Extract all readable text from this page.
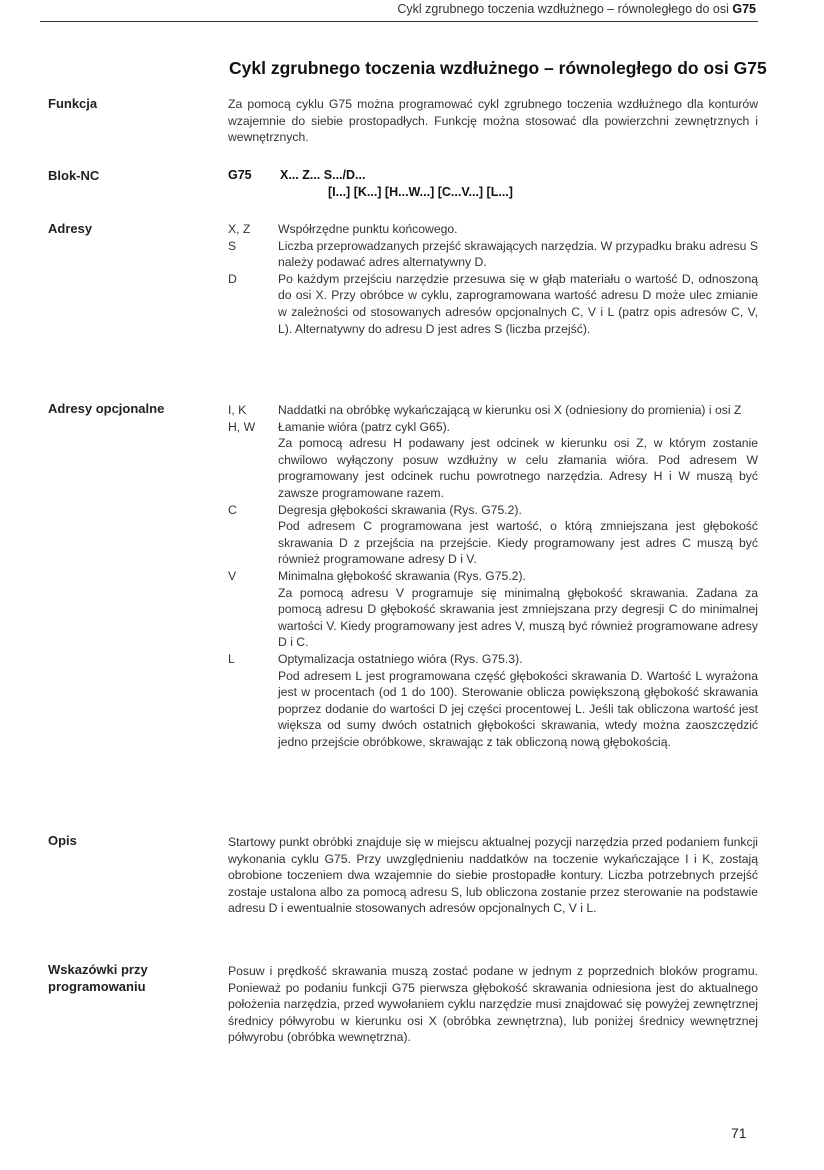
Cykl zgrubnego toczenia wzdłużnego – równoległego do osi G75
Cykl zgrubnego toczenia wzdłużnego – równoległego do osi G75
Funkcja	Za pomocą cyklu G75 można programować cykl zgrubnego toczenia wzdłużnego dla konturów wzajemnie do siebie prostopadłych. Funkcję można stosować dla powierzchni zewnętrznych i wewnętrznych.
Blok-NC	G75 X... Z... S.../D...
[I...] [K...] [H...W...] [C...V...] [L...]
Adresy	X, Z	Współrzędne punktu końcowego.

S	Liczba przeprowadzanych przejść skrawających narzędzia. W przypadku braku adresu S należy podawać adres alternatywny D.

D	Po każdym przejściu narzędzie przesuwa się w głąb materiału o wartość D, odnoszoną do osi X. Przy obróbce w cyklu, zaprogramowana wartość adresu D może ulec zmianie w zależności od stosowanych adresów opcjonalnych C, V i L (patrz opis adresów C, V, L). Alternatywny do adresu D jest adres S (liczba przejść).

Adresy opcjonalne	I, K	Naddatki na obróbkę wykańczającą w kierunku osi X (odniesiony do promienia) i osi Z

H, W	Łamanie wióra (patrz cykl G65).

Za pomocą adresu H podawany jest odcinek w kierunku osi Z, w którym zostanie chwilowo wyłączony posuw wzdłużny w celu złamania wióra. Pod adresem W programowany jest odcinek ruchu powrotnego narzędzia. Adresy H i W muszą być zawsze programowane razem.

C	Degresja głębokości skrawania (Rys. G75.2).

Pod adresem C programowana jest wartość, o którą zmniejszana jest głębokość skrawania D z przejścia na przejście. Kiedy programowany jest adres C muszą być również programowane adresy D i V.

V	Minimalna głębokość skrawania (Rys. G75.2).

Za pomocą adresu V programuje się minimalną głębokość skrawania. Zadana za pomocą adresu D głębokość skrawania jest zmniejszana przy degresji C do minimalnej wartości V. Kiedy programowany jest adres V, muszą być również programowane adresy D i C.

L	Optymalizacja ostatniego wióra (Rys. G75.3).

Pod adresem L jest programowana część głębokości skrawania D. Wartość L wyrażona jest w procentach (od 1 do 100). Sterowanie oblicza powiększoną głębokość skrawania poprzez dodanie do wartości D jej części procentowej L. Jeśli tak obliczona wartość jest większa od sumy dwóch ostatnich głębokości skrawania, wtedy można zaoszczędzić jedno przejście obróbkowe, skrawając z tak obliczoną nową głębokością.

Opis	Startowy punkt obróbki znajduje się w miejscu aktualnej pozycji narzędzia przed podaniem funkcji wykonania cyklu G75. Przy uwzględnieniu naddatków na toczenie wykańczające I i K, zostają obrobione toczeniem dwa wzajemnie do siebie prostopadłe kontury. Liczba potrzebnych przejść zostaje ustalona albo za pomocą adresu S, lub obliczona zostanie przez sterowanie na podstawie adresu D i ewentualnie stosowanych adresów opcjonalnych C, V i L.
Wskazówki przy
programowaniu
Posuw i prędkość skrawania muszą zostać podane w jednym z poprzednich bloków programu. Ponieważ po podaniu funkcji G75 pierwsza głębokość skrawania odniesiona jest do aktualnego położenia narzędzia, przed wywołaniem cyklu narzędzie musi znajdować się powyżej zewnętrznej średnicy półwyrobu w kierunku osi X (obróbka zewnętrzna), lub poniżej średnicy wewnętrznej półwyrobu (obróbka wewnętrzna).
71
